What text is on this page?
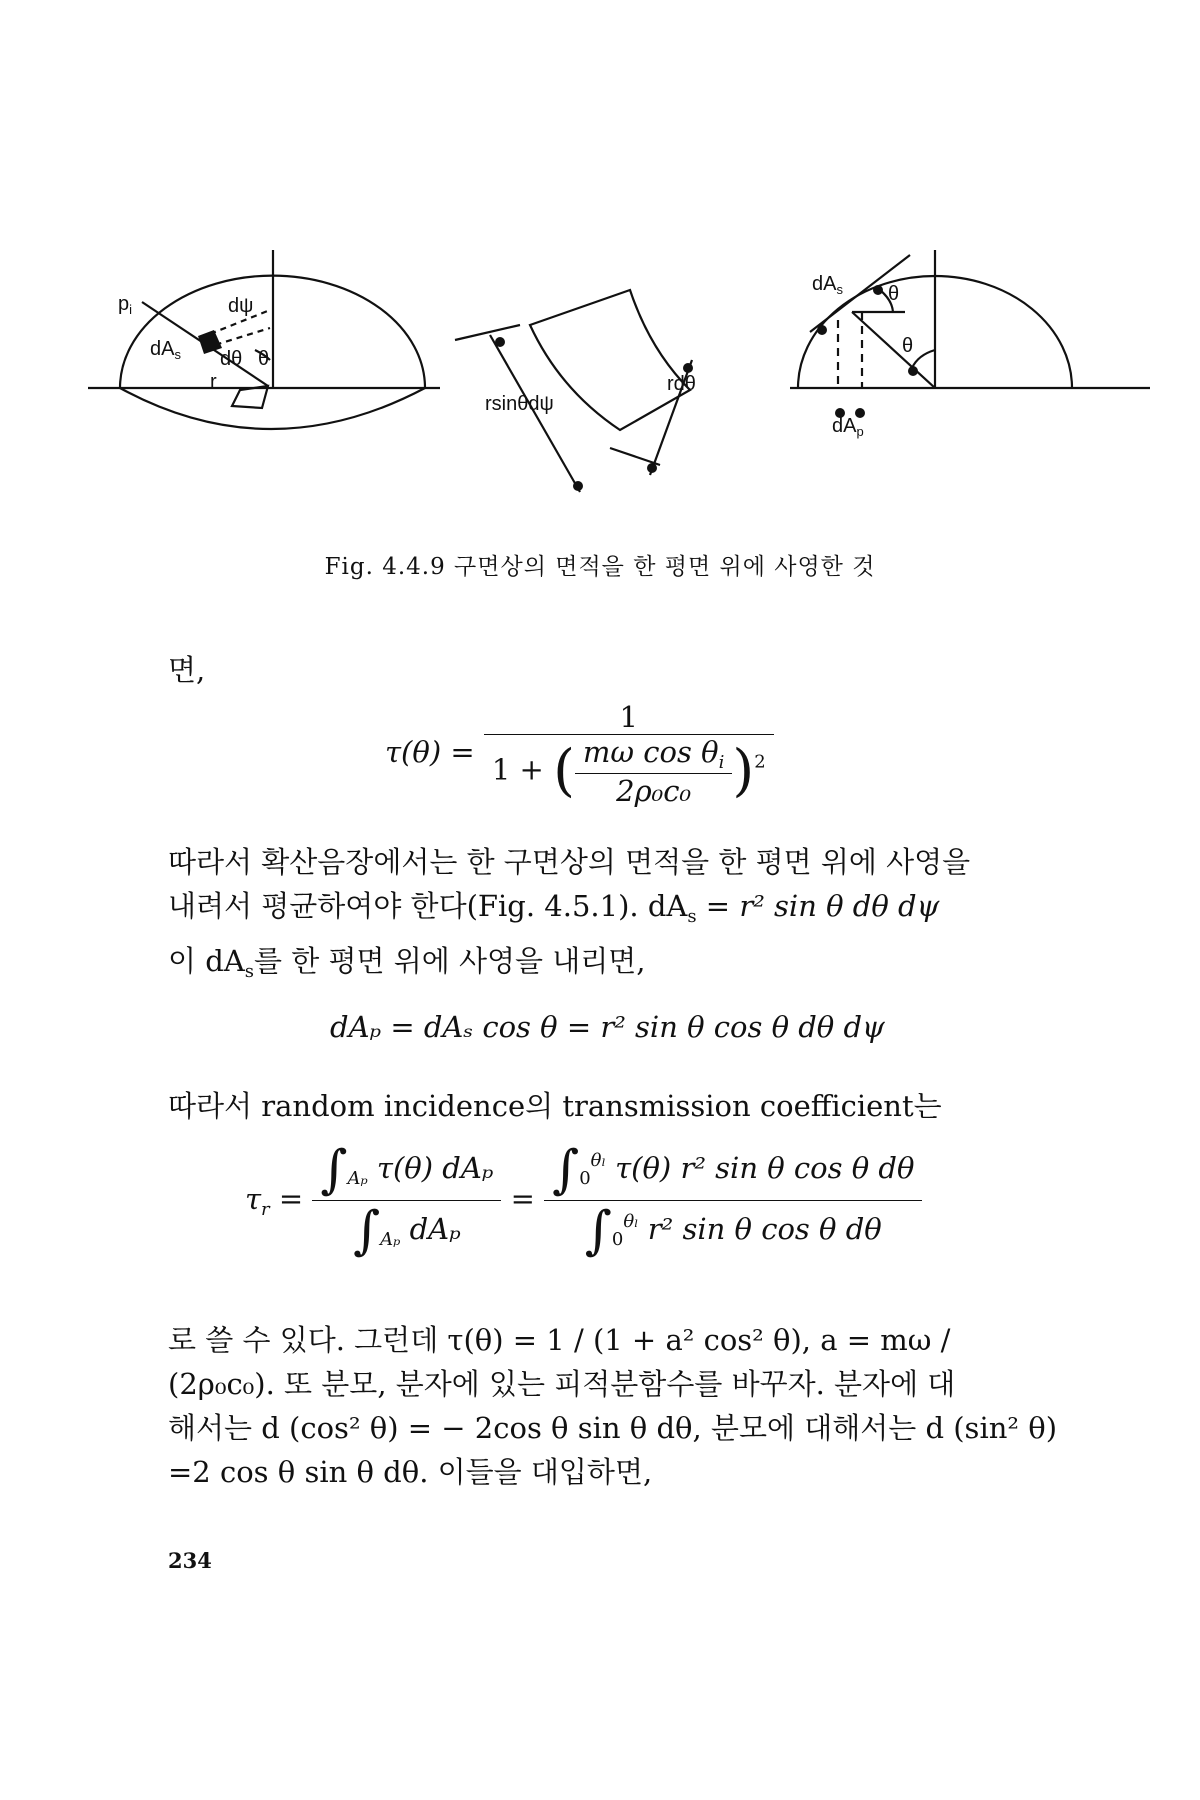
$p_i$	dψ
$dA_s$ dθ θ
r
rsinθdψ
rdθ
$dA_s$ θ
θ
$dA_p$
Fig. 4.4.9 구면상의 면적을 한 평면 위에 사영한 것
면,
$\tau(\theta) = \frac{1}{1 + ( \frac{m\omega \cos \theta_i}{\text{2ρ₀c₀}} )^2}$
따라서 확산음장에서는 한 구면상의 면적을 한 평면 위에 사영을
내려서 평균하여야 한다(Fig. 4.5.1). $dA_s = r^2$ sin θ dθ dψ
이 $dA_s$를 한 평면 위에 사영을 내리면,
dAₚ = dAₛ cos θ = r² sin θ cos θ dθ dψ
따라서 random incidence의 transmission coefficient는
$\tau_r = \frac{\int_{A_p} \tau(\theta) dA_p}{\int_{A_p} dA_p} = \frac{\int_0^{\theta_l} \tau(\theta) r^2 \sin \theta \cos \theta d\theta}{\int_0^{\theta_l} r^2 \sin \theta \cos \theta d\theta}$
로 쓸 수 있다. 그런데 τ(θ) = 1 / (1 + a² cos² θ), a = mω /
(2ρ₀c₀). 또 분모, 분자에 있는 피적분함수를 바꾸자. 분자에 대
해서는 d (cos² θ) = − 2cos θ sin θ dθ, 분모에 대해서는 d (sin² θ)
=2 cos θ sin θ dθ. 이들을 대입하면,
234
